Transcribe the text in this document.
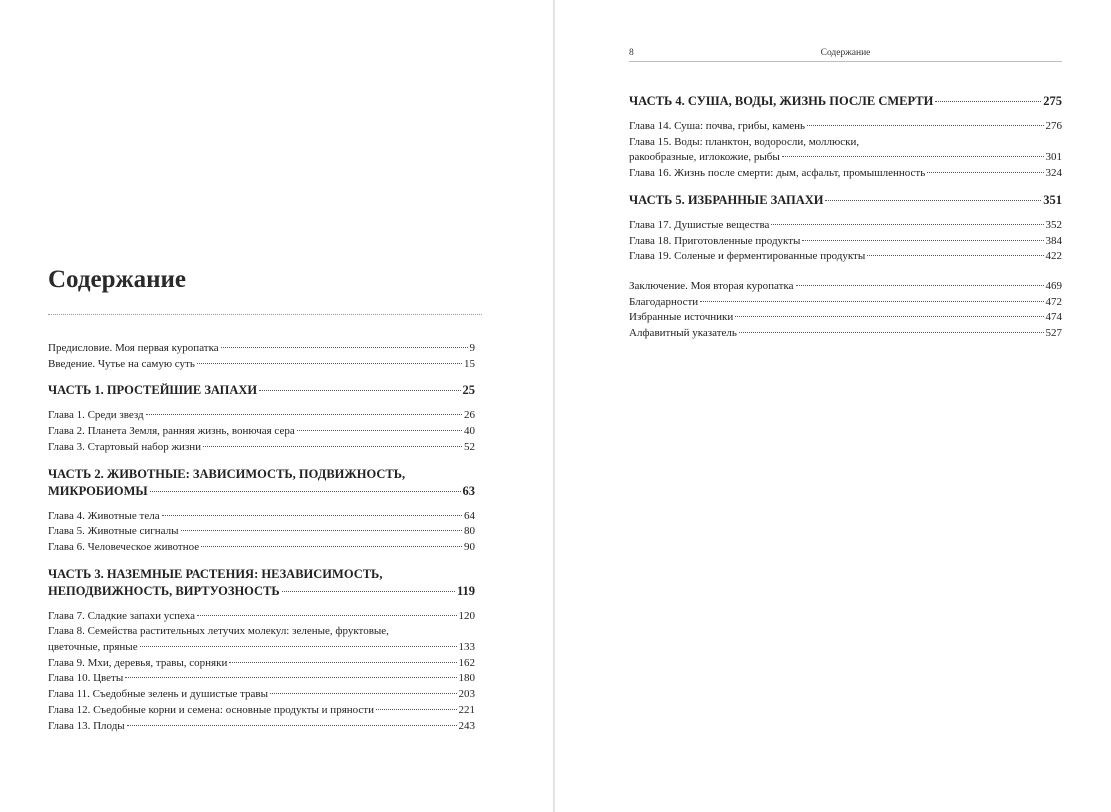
Содержание
Предисловие. Моя первая куропатка	9
Введение. Чутье на самую суть	15
ЧАСТЬ 1. ПРОСТЕЙШИЕ ЗАПАХИ	25
Глава 1. Среди звезд	26
Глава 2. Планета Земля, ранняя жизнь, вонючая сера	40
Глава 3. Стартовый набор жизни	52
ЧАСТЬ 2. ЖИВОТНЫЕ: ЗАВИСИМОСТЬ, ПОДВИЖНОСТЬ,
МИКРОБИОМЫ	63
Глава 4. Животные тела	64
Глава 5. Животные сигналы	80
Глава 6. Человеческое животное	90
ЧАСТЬ 3. НАЗЕМНЫЕ РАСТЕНИЯ: НЕЗАВИСИМОСТЬ,
НЕПОДВИЖНОСТЬ, ВИРТУОЗНОСТЬ	119
Глава 7. Сладкие запахи успеха	120
Глава 8. Семейства растительных летучих молекул: зеленые, фруктовые,
цветочные, пряные	133
Глава 9. Мхи, деревья, травы, сорняки	162
Глава 10. Цветы	180
Глава 11. Съедобные зелень и душистые травы	203
Глава 12. Съедобные корни и семена: основные продукты и пряности	221
Глава 13. Плоды	243
8	Содержание
ЧАСТЬ 4. СУША, ВОДЫ, ЖИЗНЬ ПОСЛЕ СМЕРТИ	275
Глава 14. Суша: почва, грибы, камень	276
Глава 15. Воды: планктон, водоросли, моллюски,
ракообразные, иглокожие, рыбы	301
Глава 16. Жизнь после смерти: дым, асфальт, промышленность	324
ЧАСТЬ 5. ИЗБРАННЫЕ ЗАПАХИ	351
Глава 17. Душистые вещества	352
Глава 18. Приготовленные продукты	384
Глава 19. Соленые и ферментированные продукты	422
Заключение. Моя вторая куропатка	469
Благодарности	472
Избранные источники	474
Алфавитный указатель	527
